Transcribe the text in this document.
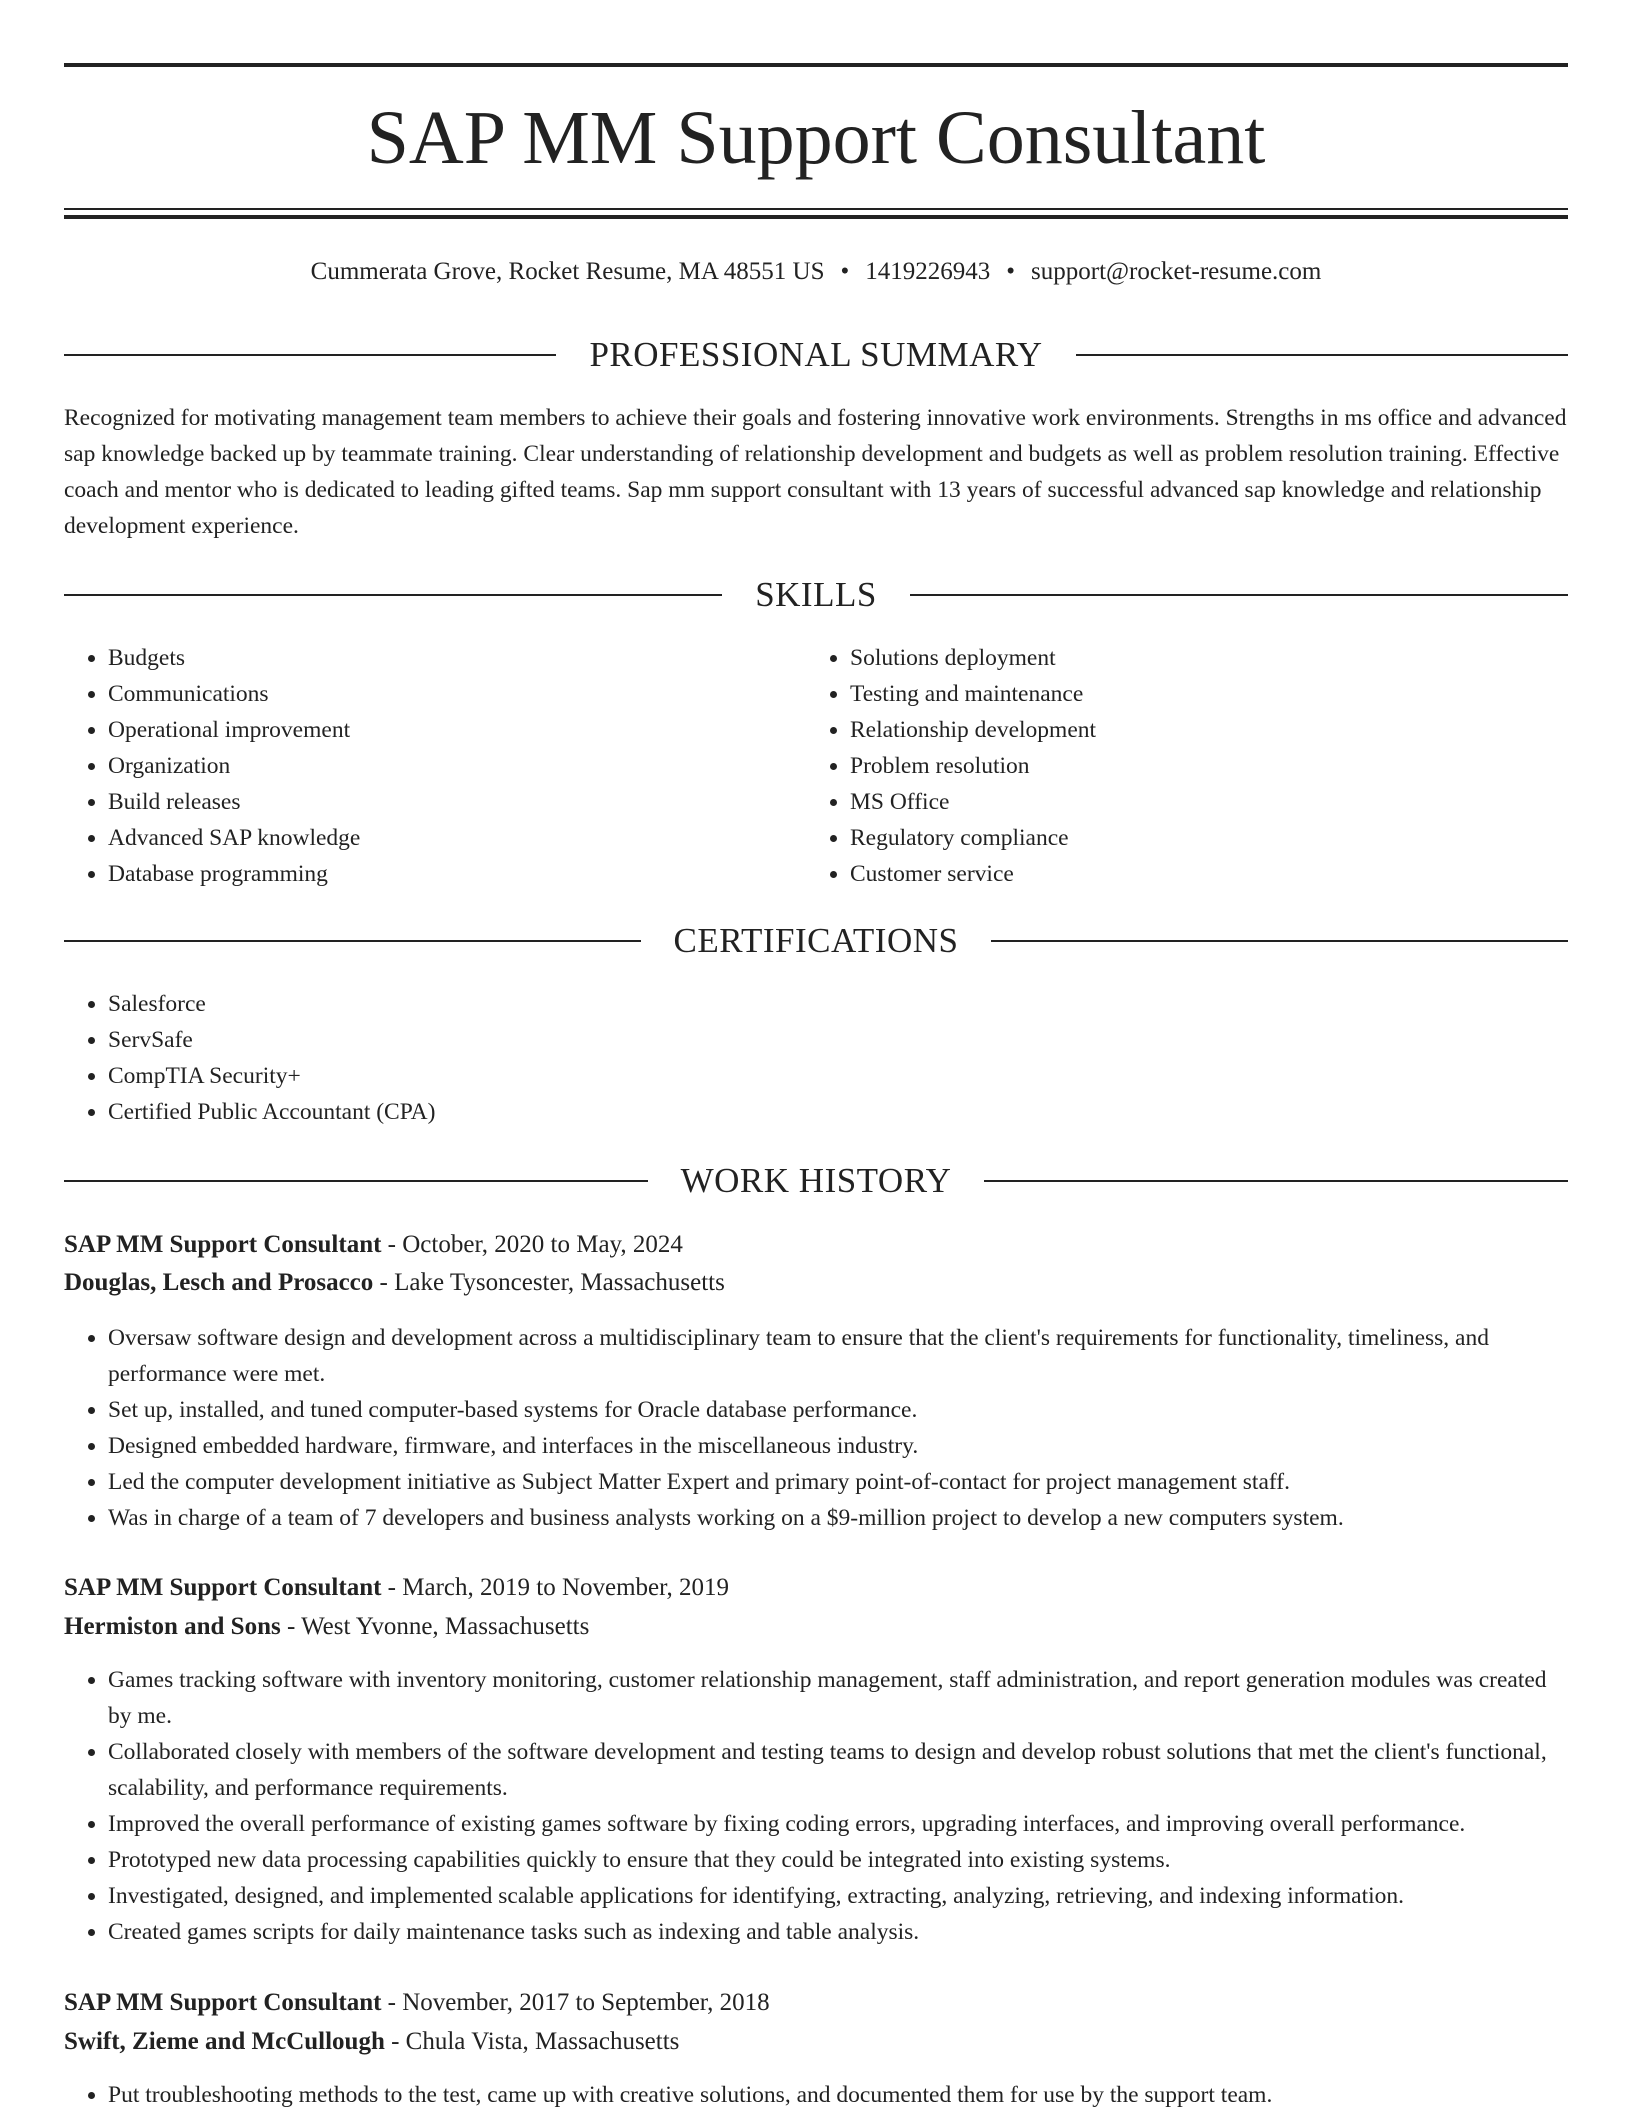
SAP MM Support Consultant
Cummerata Grove, Rocket Resume, MA 48551 US • 1419226943 • support@rocket-resume.com
PROFESSIONAL SUMMARY

Recognized for motivating management team members to achieve their goals and fostering innovative work environments. Strengths in ms office and advanced sap knowledge backed up by teammate training. Clear understanding of relationship development and budgets as well as problem resolution training. Effective coach and mentor who is dedicated to leading gifted teams. Sap mm support consultant with 13 years of successful advanced sap knowledge and relationship development experience.

SKILLS
• Budgets
• Communications
• Operational improvement
• Organization
• Build releases
• Advanced SAP knowledge
• Database programming
• Solutions deployment
• Testing and maintenance
• Relationship development
• Problem resolution
• MS Office
• Regulatory compliance
• Customer service
CERTIFICATIONS
• Salesforce
• ServSafe
• CompTIA Security+
• Certified Public Accountant (CPA)
WORK HISTORY
SAP MM Support Consultant - October, 2020 to May, 2024
Douglas, Lesch and Prosacco - Lake Tysoncester, Massachusetts
• Oversaw software design and development across a multidisciplinary team to ensure that the client's requirements for functionality, timeliness, and performance were met.
• Set up, installed, and tuned computer-based systems for Oracle database performance.
• Designed embedded hardware, firmware, and interfaces in the miscellaneous industry.
• Led the computer development initiative as Subject Matter Expert and primary point-of-contact for project management staff.
• Was in charge of a team of 7 developers and business analysts working on a $9-million project to develop a new computers system.
SAP MM Support Consultant - March, 2019 to November, 2019
Hermiston and Sons - West Yvonne, Massachusetts
• Games tracking software with inventory monitoring, customer relationship management, staff administration, and report generation modules was created by me.
• Collaborated closely with members of the software development and testing teams to design and develop robust solutions that met the client's functional, scalability, and performance requirements.
• Improved the overall performance of existing games software by fixing coding errors, upgrading interfaces, and improving overall performance.
• Prototyped new data processing capabilities quickly to ensure that they could be integrated into existing systems.
• Investigated, designed, and implemented scalable applications for identifying, extracting, analyzing, retrieving, and indexing information.
• Created games scripts for daily maintenance tasks such as indexing and table analysis.
SAP MM Support Consultant - November, 2017 to September, 2018
Swift, Zieme and McCullough - Chula Vista, Massachusetts
• Put troubleshooting methods to the test, came up with creative solutions, and documented them for use by the support team.
